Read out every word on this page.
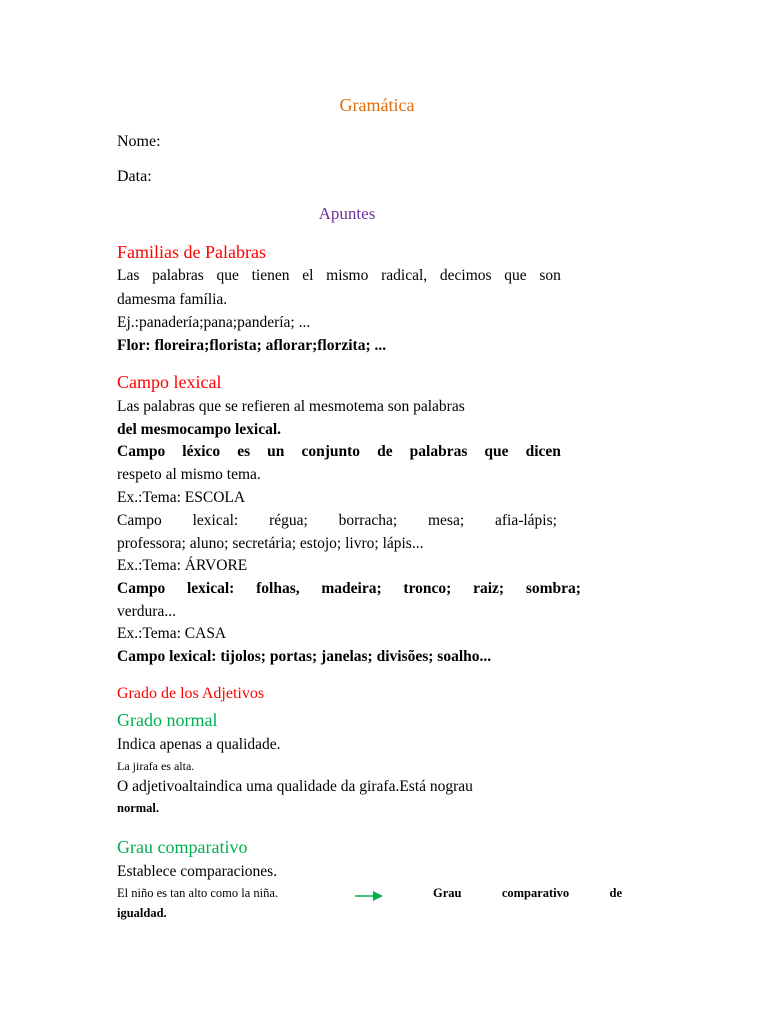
Gramática
Nome:
Data:
Apuntes
Familias de Palabras
Las palabras que tienen el mismo radical, decimos que son
damesma família.
Ej.:panadería;pana;pandería; ...
Flor: floreira;florista; aflorar;florzita; ...
Campo lexical
Las palabras que se refieren al mesmotema son palabras
del mesmocampo lexical.
Campo léxico es un conjunto de palabras que dicen
respeto al mismo tema.
Ex.:Tema: ESCOLA
Campo lexical: régua; borracha; mesa; afia-lápis;
professora; aluno; secretária; estojo; livro; lápis...
Ex.:Tema: ÁRVORE
Campo lexical: folhas, madeira; tronco; raiz; sombra;
verdura...
Ex.:Tema: CASA
Campo lexical: tijolos; portas; janelas; divisões; soalho...
Grado de los Adjetivos
Grado normal
Indica apenas a qualidade.
La jirafa es alta.
O adjetivoaltaindica uma qualidade da girafa.Está nograu
normal.
Grau comparativo
Establece comparaciones.
El niño es tan alto como la niña.	Grau	comparativo	de
igualdad.
